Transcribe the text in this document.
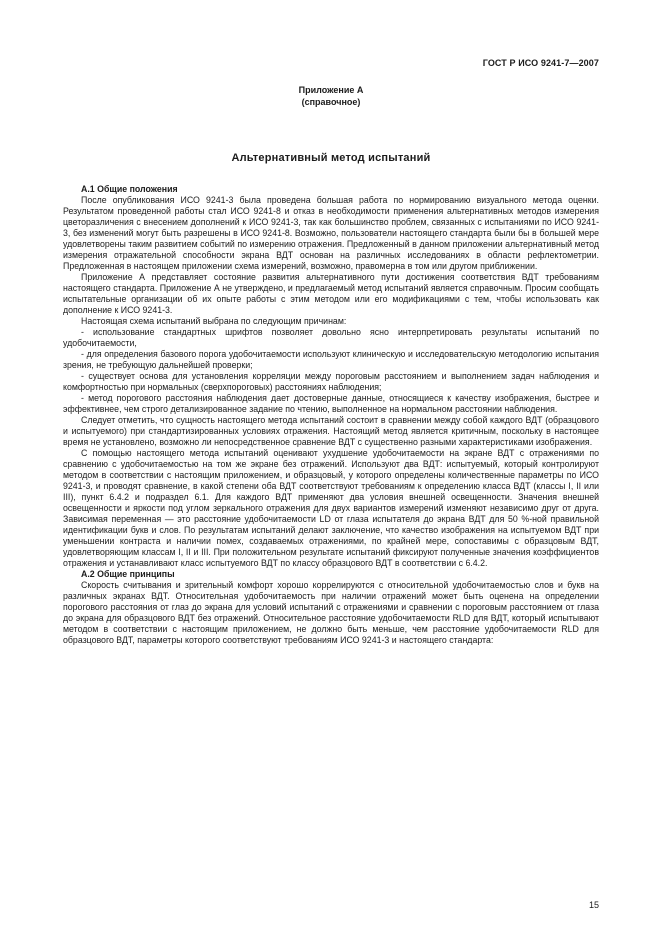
ГОСТ Р ИСО 9241-7—2007
Приложение А
(справочное)
Альтернативный метод испытаний

А.1 Общие положения

После опубликования ИСО 9241-3 была проведена большая работа по нормированию визуального метода оценки. Результатом проведенной работы стал ИСО 9241-8 и отказ в необходимости применения альтернативных методов измерения цветоразличения с внесением дополнений к ИСО 9241-3, так как большинство проблем, связанных с испытаниями по ИСО 9241-3, без изменений могут быть разрешены в ИСО 9241-8. Возможно, пользователи настоящего стандарта были бы в большей мере удовлетворены таким развитием событий по измерению отражения. Предложенный в данном приложении альтернативный метод измерения отражательной способности экрана ВДТ основан на различных исследованиях в области рефлектометрии. Предложенная в настоящем приложении схема измерений, возможно, правомерна в том или другом приближении.

Приложение А представляет состояние развития альтернативного пути достижения соответствия ВДТ требованиям настоящего стандарта. Приложение А не утверждено, и предлагаемый метод испытаний является справочным. Просим сообщать испытательные организации об их опыте работы с этим методом или его модификациями с тем, чтобы использовать как дополнение к ИСО 9241-3.

Настоящая схема испытаний выбрана по следующим причинам:

- использование стандартных шрифтов позволяет довольно ясно интерпретировать результаты испытаний по удобочитаемости,

- для определения базового порога удобочитаемости используют клиническую и исследовательскую методологию испытания зрения, не требующую дальнейшей проверки;

- существует основа для установления корреляции между пороговым расстоянием и выполнением задач наблюдения и комфортностью при нормальных (сверхпороговых) расстояниях наблюдения;

- метод порогового расстояния наблюдения дает достоверные данные, относящиеся к качеству изображения, быстрее и эффективнее, чем строго детализированное задание по чтению, выполненное на нормальном расстоянии наблюдения.

Следует отметить, что сущность настоящего метода испытаний состоит в сравнении между собой каждого ВДТ (образцового и испытуемого) при стандартизированных условиях отражения. Настоящий метод является критичным, поскольку в настоящее время не установлено, возможно ли непосредственное сравнение ВДТ с существенно разными характеристиками изображения.

С помощью настоящего метода испытаний оценивают ухудшение удобочитаемости на экране ВДТ с отражениями по сравнению с удобочитаемостью на том же экране без отражений. Используют два ВДТ: испытуемый, который контролируют методом в соответствии с настоящим приложением, и образцовый, у которого определены количественные параметры по ИСО 9241-3, и проводят сравнение, в какой степени оба ВДТ соответствуют требованиям к определению класса ВДТ (классы I, II или III), пункт 6.4.2 и подраздел 6.1. Для каждого ВДТ применяют два условия внешней освещенности. Значения внешней освещенности и яркости под углом зеркального отражения для двух вариантов измерений изменяют независимо друг от друга. Зависимая переменная — это расстояние удобочитаемости LD от глаза испытателя до экрана ВДТ для 50 %-ной правильной идентификации букв и слов. По результатам испытаний делают заключение, что качество изображения на испытуемом ВДТ при уменьшении контраста и наличии помех, создаваемых отражениями, по крайней мере, сопоставимы с образцовым ВДТ, удовлетворяющим классам I, II и III. При положительном результате испытаний фиксируют полученные значения коэффициентов отражения и устанавливают класс испытуемого ВДТ по классу образцового ВДТ в соответствии с 6.4.2.

А.2 Общие принципы

Скорость считывания и зрительный комфорт хорошо коррелируются с относительной удобочитаемостью слов и букв на различных экранах ВДТ. Относительная удобочитаемость при наличии отражений может быть оценена на определении порогового расстояния от глаз до экрана для условий испытаний с отражениями и сравнении с пороговым расстоянием от глаза до экрана для образцового ВДТ без отражений. Относительное расстояние удобочитаемости RLD для ВДТ, который испытывают методом в соответствии с настоящим приложением, не должно быть меньше, чем расстояние удобочитаемости RLD для образцового ВДТ, параметры которого соответствуют требованиям ИСО 9241-3 и настоящего стандарта:

15
